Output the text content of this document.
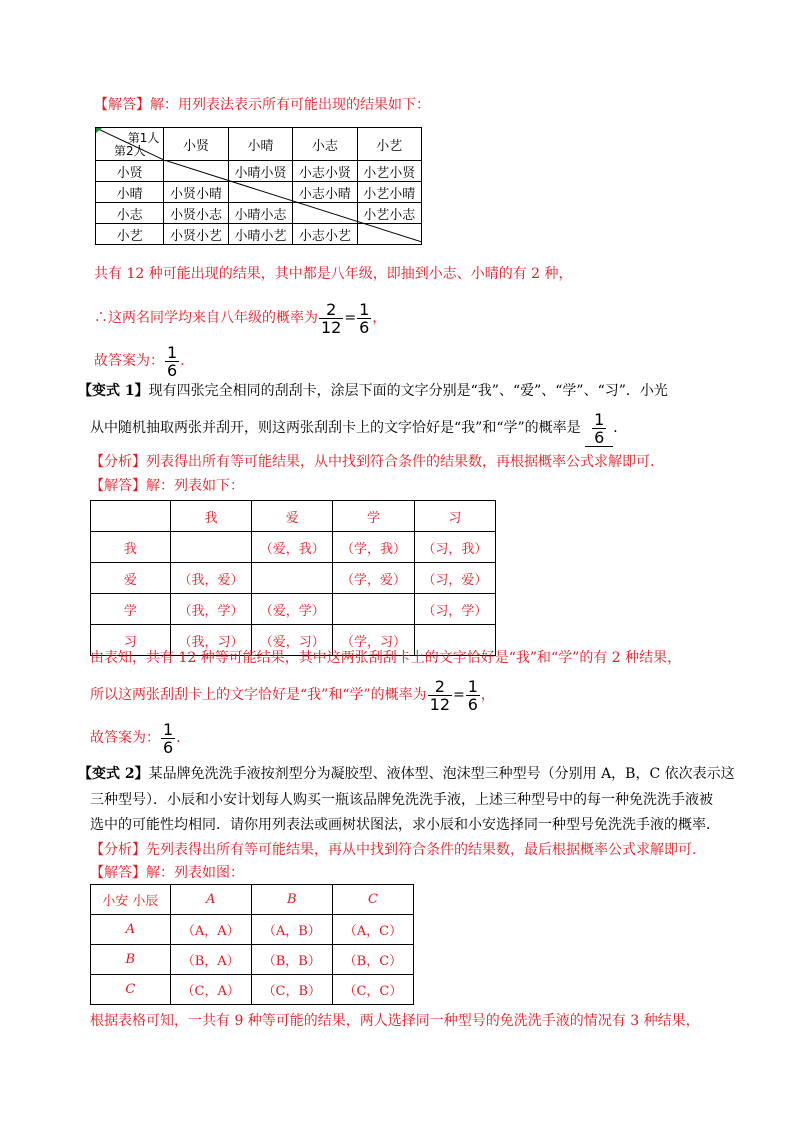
【解答】解：用列表法表示所有可能出现的结果如下：
第1人
第2人	小贤	小晴	小志	小艺
小贤		小晴小贤	小志小贤	小艺小贤
小晴	小贤小晴		小志小晴	小艺小晴
小志	小贤小志	小晴小志		小艺小志
小艺	小贤小艺	小晴小艺	小志小艺	
共有 12 种可能出现的结果，其中都是八年级，即抽到小志、小晴的有 2 种，
∴这两名同学均来自八年级的概率为 $\frac{2}{12} = \frac{1}{6}$ ，
故答案为： $\frac{1}{6}$ ．
【变式 1】现有四张完全相同的刮刮卡，涂层下面的文字分别是“我”、“爱”、“学”、“习”．小光
从中随机抽取两张并刮开，则这两张刮刮卡上的文字恰好是“我”和“学”的概率是 $\frac{1}{6}$ ．
【分析】列表得出所有等可能结果，从中找到符合条件的结果数，再根据概率公式求解即可.
【解答】解：列表如下：
	我	爱	学	习
我		（爱，我）	（学，我）	（习，我）
爱	（我，爱）		（学，爱）	（习，爱）
学	（我，学）	（爱，学）		（习，学）
习	（我，习）	（爱，习）	（学，习）	
由表知，共有 12 种等可能结果，其中这两张刮刮卡上的文字恰好是“我”和“学”的有 2 种结果，
所以这两张刮刮卡上的文字恰好是“我”和“学”的概率为 $\frac{2}{12} = \frac{1}{6}$ ，
故答案为： $\frac{1}{6}$ ．
【变式 2】某品牌免洗洗手液按剂型分为凝胶型、液体型、泡沫型三种型号（分别用 A，B，C 依次表示这
三种型号）．小辰和小安计划每人购买一瓶该品牌免洗洗手液，上述三种型号中的每一种免洗洗手液被
选中的可能性均相同．请你用列表法或画树状图法，求小辰和小安选择同一种型号免洗洗手液的概率．
【分析】先列表得出所有等可能结果，再从中找到符合条件的结果数，最后根据概率公式求解即可.
【解答】解：列表如图：
小安 小辰	A	B	C
A	（A，A）	（A，B）	（A，C）
B	（B，A）	（B，B）	（B，C）
C	（C，A）	（C，B）	（C，C）
根据表格可知，一共有 9 种等可能的结果，两人选择同一种型号的免洗洗手液的情况有 3 种结果，
